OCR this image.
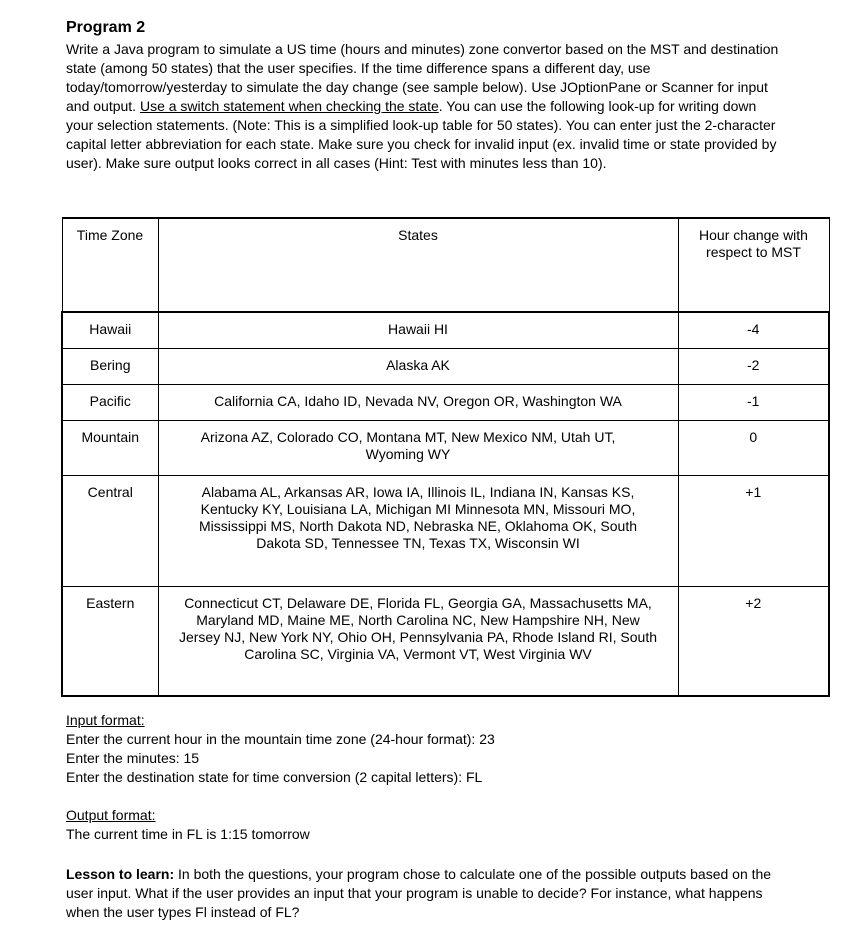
Program 2

Write a Java program to simulate a US time (hours and minutes) zone convertor based on the MST and destination state (among 50 states) that the user specifies. If the time difference spans a different day, use today/tomorrow/yesterday to simulate the day change (see sample below). Use JOptionPane or Scanner for input and output. Use a switch statement when checking the state. You can use the following look-up for writing down your selection statements. (Note: This is a simplified look-up table for 50 states). You can enter just the 2-character capital letter abbreviation for each state. Make sure you check for invalid input (ex. invalid time or state provided by user). Make sure output looks correct in all cases (Hint: Test with minutes less than 10).

Time Zone	States	Hour change with respect to MST
Hawaii	Hawaii HI	-4
Bering	Alaska AK	-2
Pacific	California CA, Idaho ID, Nevada NV, Oregon OR, Washington WA	-1
Mountain	Arizona AZ, Colorado CO, Montana MT, New Mexico NM, Utah UT, Wyoming WY	0
Central	Alabama AL, Arkansas AR, Iowa IA, Illinois IL, Indiana IN, Kansas KS, Kentucky KY, Louisiana LA, Michigan MI Minnesota MN, Missouri MO, Mississippi MS, North Dakota ND, Nebraska NE, Oklahoma OK, South Dakota SD, Tennessee TN, Texas TX, Wisconsin WI	+1
Eastern	Connecticut CT, Delaware DE, Florida FL, Georgia GA, Massachusetts MA, Maryland MD, Maine ME, North Carolina NC, New Hampshire NH, New Jersey NJ, New York NY, Ohio OH, Pennsylvania PA, Rhode Island RI, South Carolina SC, Virginia VA, Vermont VT, West Virginia WV	+2

Input format:

Enter the current hour in the mountain time zone (24-hour format): 23

Enter the minutes: 15

Enter the destination state for time conversion (2 capital letters): FL

Output format:

The current time in FL is 1:15 tomorrow

Lesson to learn: In both the questions, your program chose to calculate one of the possible outputs based on the user input. What if the user provides an input that your program is unable to decide? For instance, what happens when the user types Fl instead of FL?
